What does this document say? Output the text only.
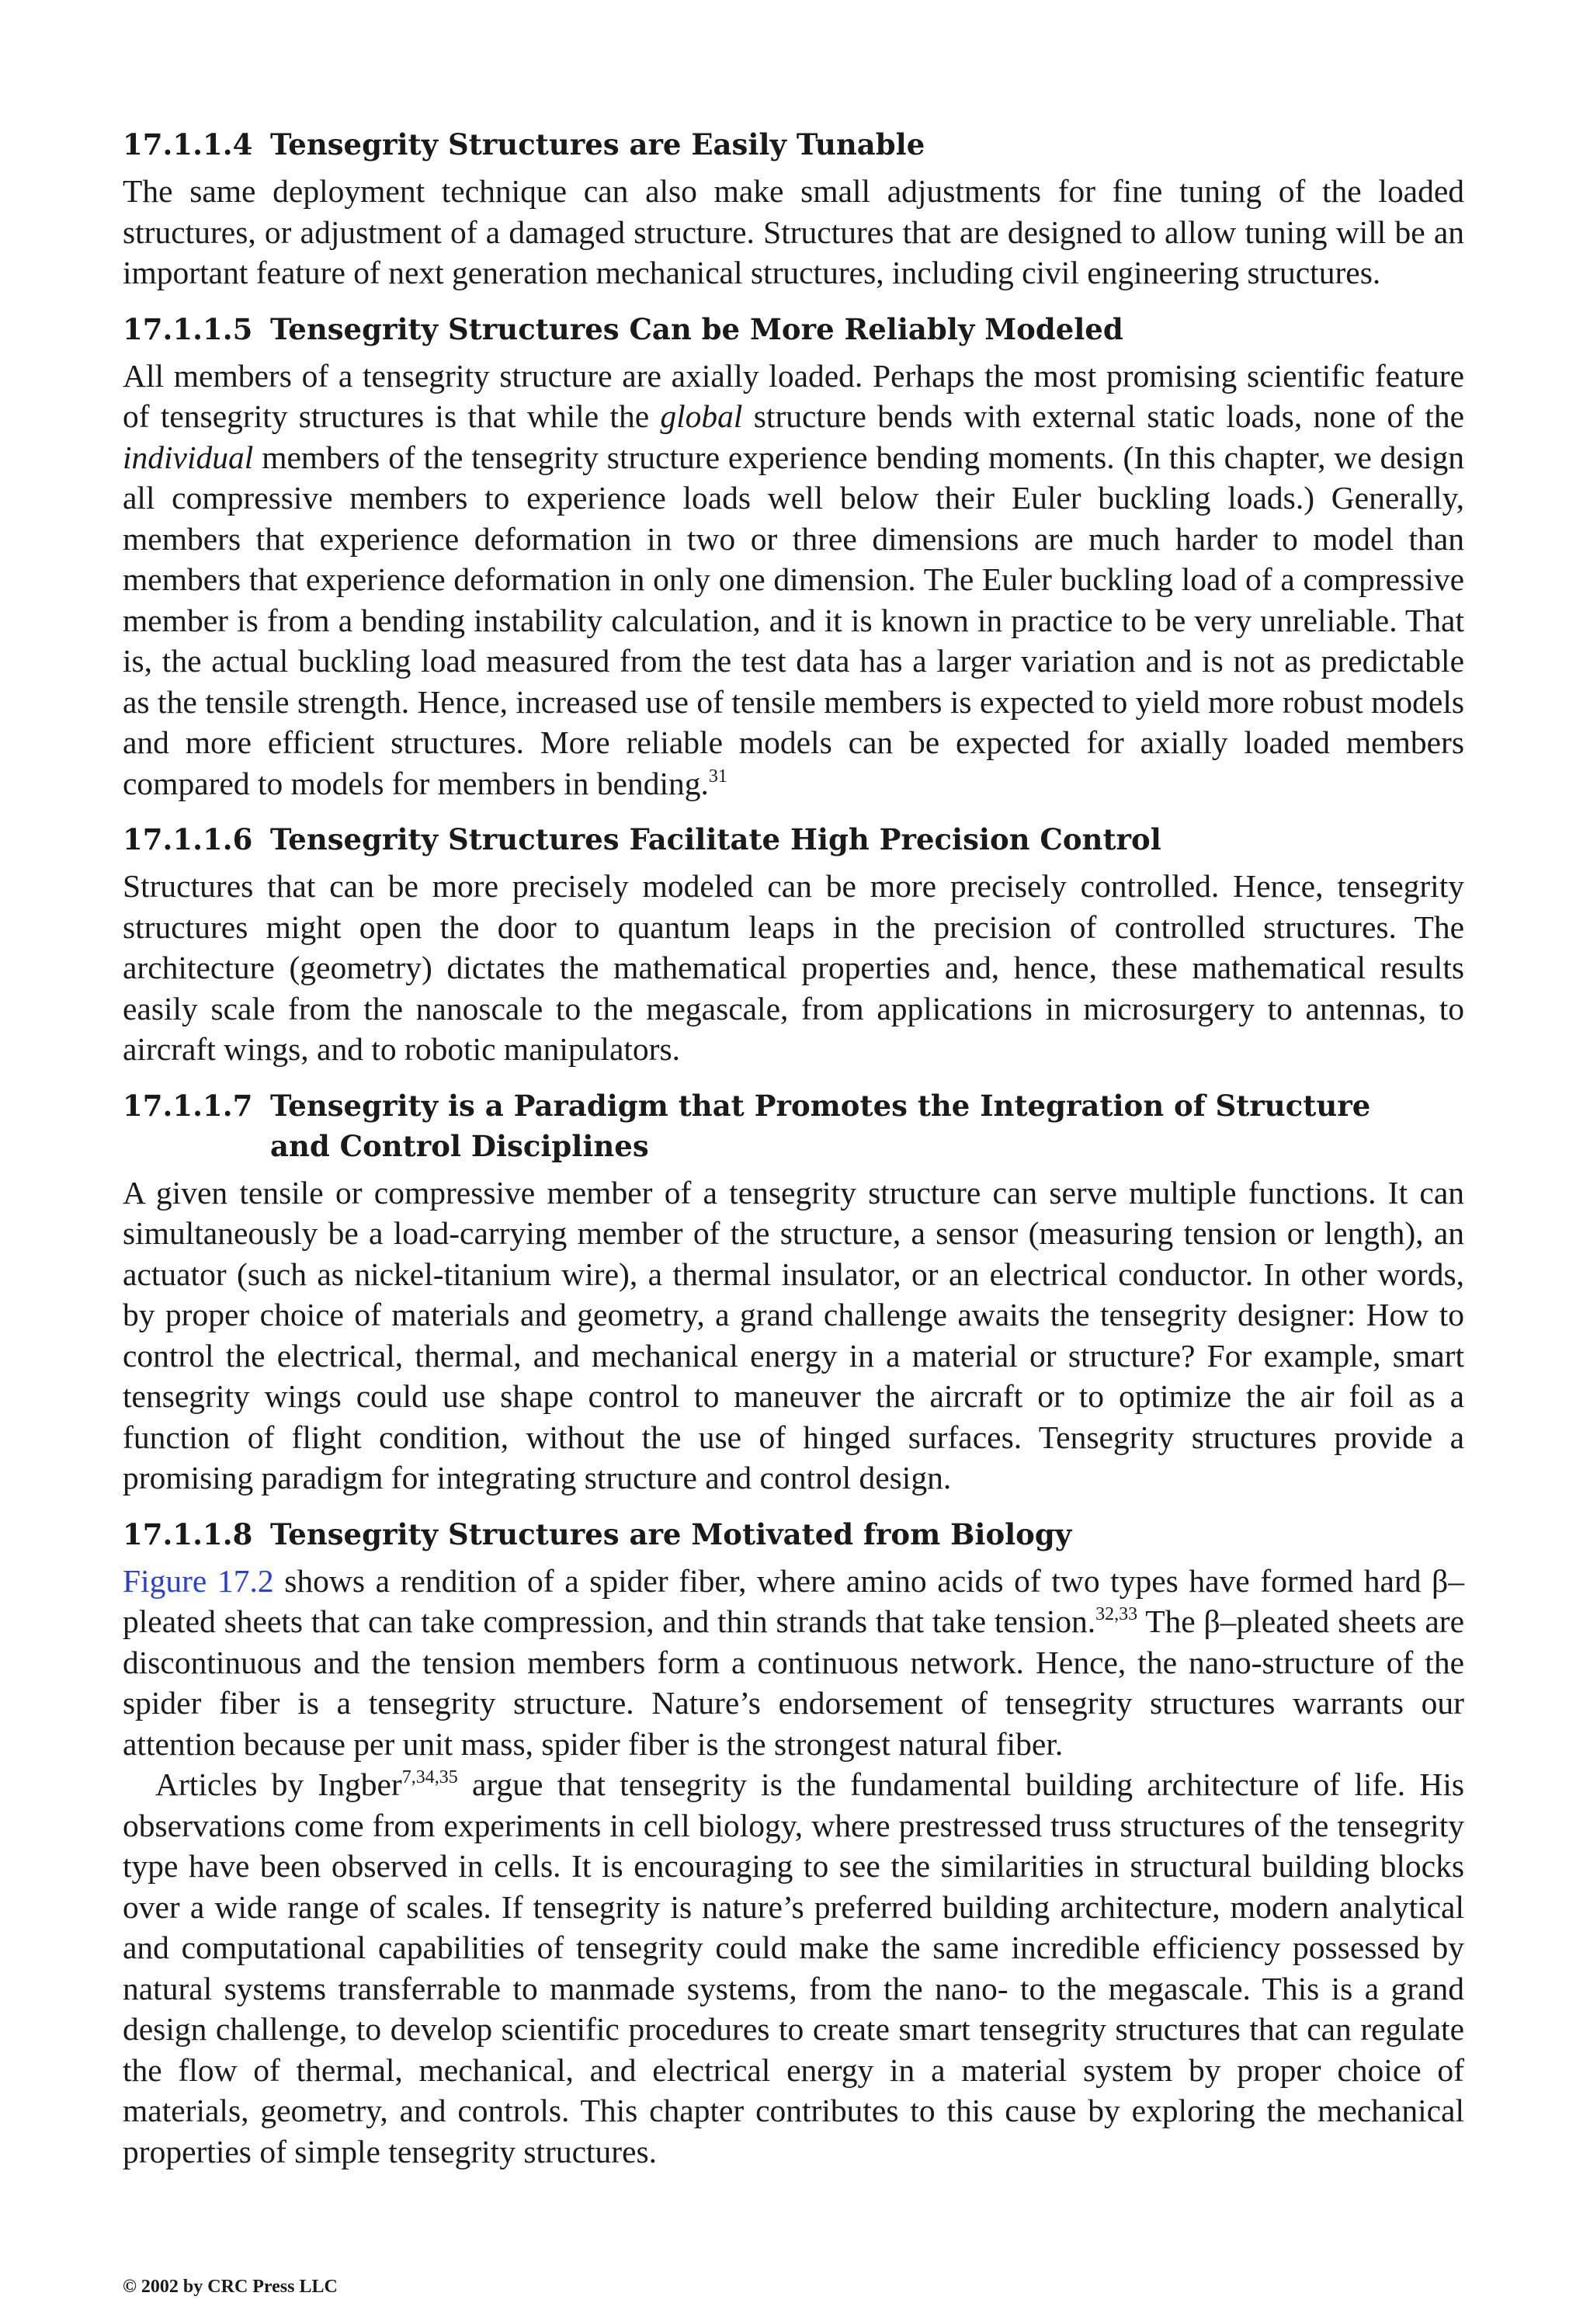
17.1.1.4 Tensegrity Structures are Easily Tunable

The same deployment technique can also make small adjustments for fine tuning of the loaded structures, or adjustment of a damaged structure. Structures that are designed to allow tuning will be an important feature of next generation mechanical structures, including civil engineering structures.

17.1.1.5 Tensegrity Structures Can be More Reliably Modeled

All members of a tensegrity structure are axially loaded. Perhaps the most promising scientific feature of tensegrity structures is that while the global structure bends with external static loads, none of the individual members of the tensegrity structure experience bending moments. (In this chapter, we design all compressive members to experience loads well below their Euler buckling loads.) Generally, members that experience deformation in two or three dimensions are much harder to model than members that experience deformation in only one dimension. The Euler buckling load of a compressive member is from a bending instability calculation, and it is known in practice to be very unreliable. That is, the actual buckling load measured from the test data has a larger variation and is not as predictable as the tensile strength. Hence, increased use of tensile members is expected to yield more robust models and more efficient structures. More reliable models can be expected for axially loaded members compared to models for members in bending.$^{31}$

17.1.1.6 Tensegrity Structures Facilitate High Precision Control

Structures that can be more precisely modeled can be more precisely controlled. Hence, tensegrity structures might open the door to quantum leaps in the precision of controlled structures. The architecture (geometry) dictates the mathematical properties and, hence, these mathematical results easily scale from the nanoscale to the megascale, from applications in microsurgery to antennas, to aircraft wings, and to robotic manipulators.

17.1.1.7 Tensegrity is a Paradigm that Promotes the Integration of Structure
and Control Disciplines

A given tensile or compressive member of a tensegrity structure can serve multiple functions. It can simultaneously be a load-carrying member of the structure, a sensor (measuring tension or length), an actuator (such as nickel-titanium wire), a thermal insulator, or an electrical conductor. In other words, by proper choice of materials and geometry, a grand challenge awaits the tensegrity designer: How to control the electrical, thermal, and mechanical energy in a material or structure? For example, smart tensegrity wings could use shape control to maneuver the aircraft or to optimize the air foil as a function of flight condition, without the use of hinged surfaces. Tensegrity structures provide a promising paradigm for integrating structure and control design.

17.1.1.8 Tensegrity Structures are Motivated from Biology

Figure 17.2 shows a rendition of a spider fiber, where amino acids of two types have formed hard β–pleated sheets that can take compression, and thin strands that take tension.$^{32,33}$ The β–pleated sheets are discontinuous and the tension members form a continuous network. Hence, the nano-structure of the spider fiber is a tensegrity structure. Nature’s endorsement of tensegrity structures warrants our attention because per unit mass, spider fiber is the strongest natural fiber.

Articles by Ingber$^{7,34,35}$ argue that tensegrity is the fundamental building architecture of life. His observations come from experiments in cell biology, where prestressed truss structures of the tensegrity type have been observed in cells. It is encouraging to see the similarities in structural building blocks over a wide range of scales. If tensegrity is nature’s preferred building architecture, modern analytical and computational capabilities of tensegrity could make the same incredible efficiency possessed by natural systems transferrable to manmade systems, from the nano- to the megascale. This is a grand design challenge, to develop scientific procedures to create smart tensegrity structures that can regulate the flow of thermal, mechanical, and electrical energy in a material system by proper choice of materials, geometry, and controls. This chapter contributes to this cause by exploring the mechanical properties of simple tensegrity structures.

© 2002 by CRC Press LLC
